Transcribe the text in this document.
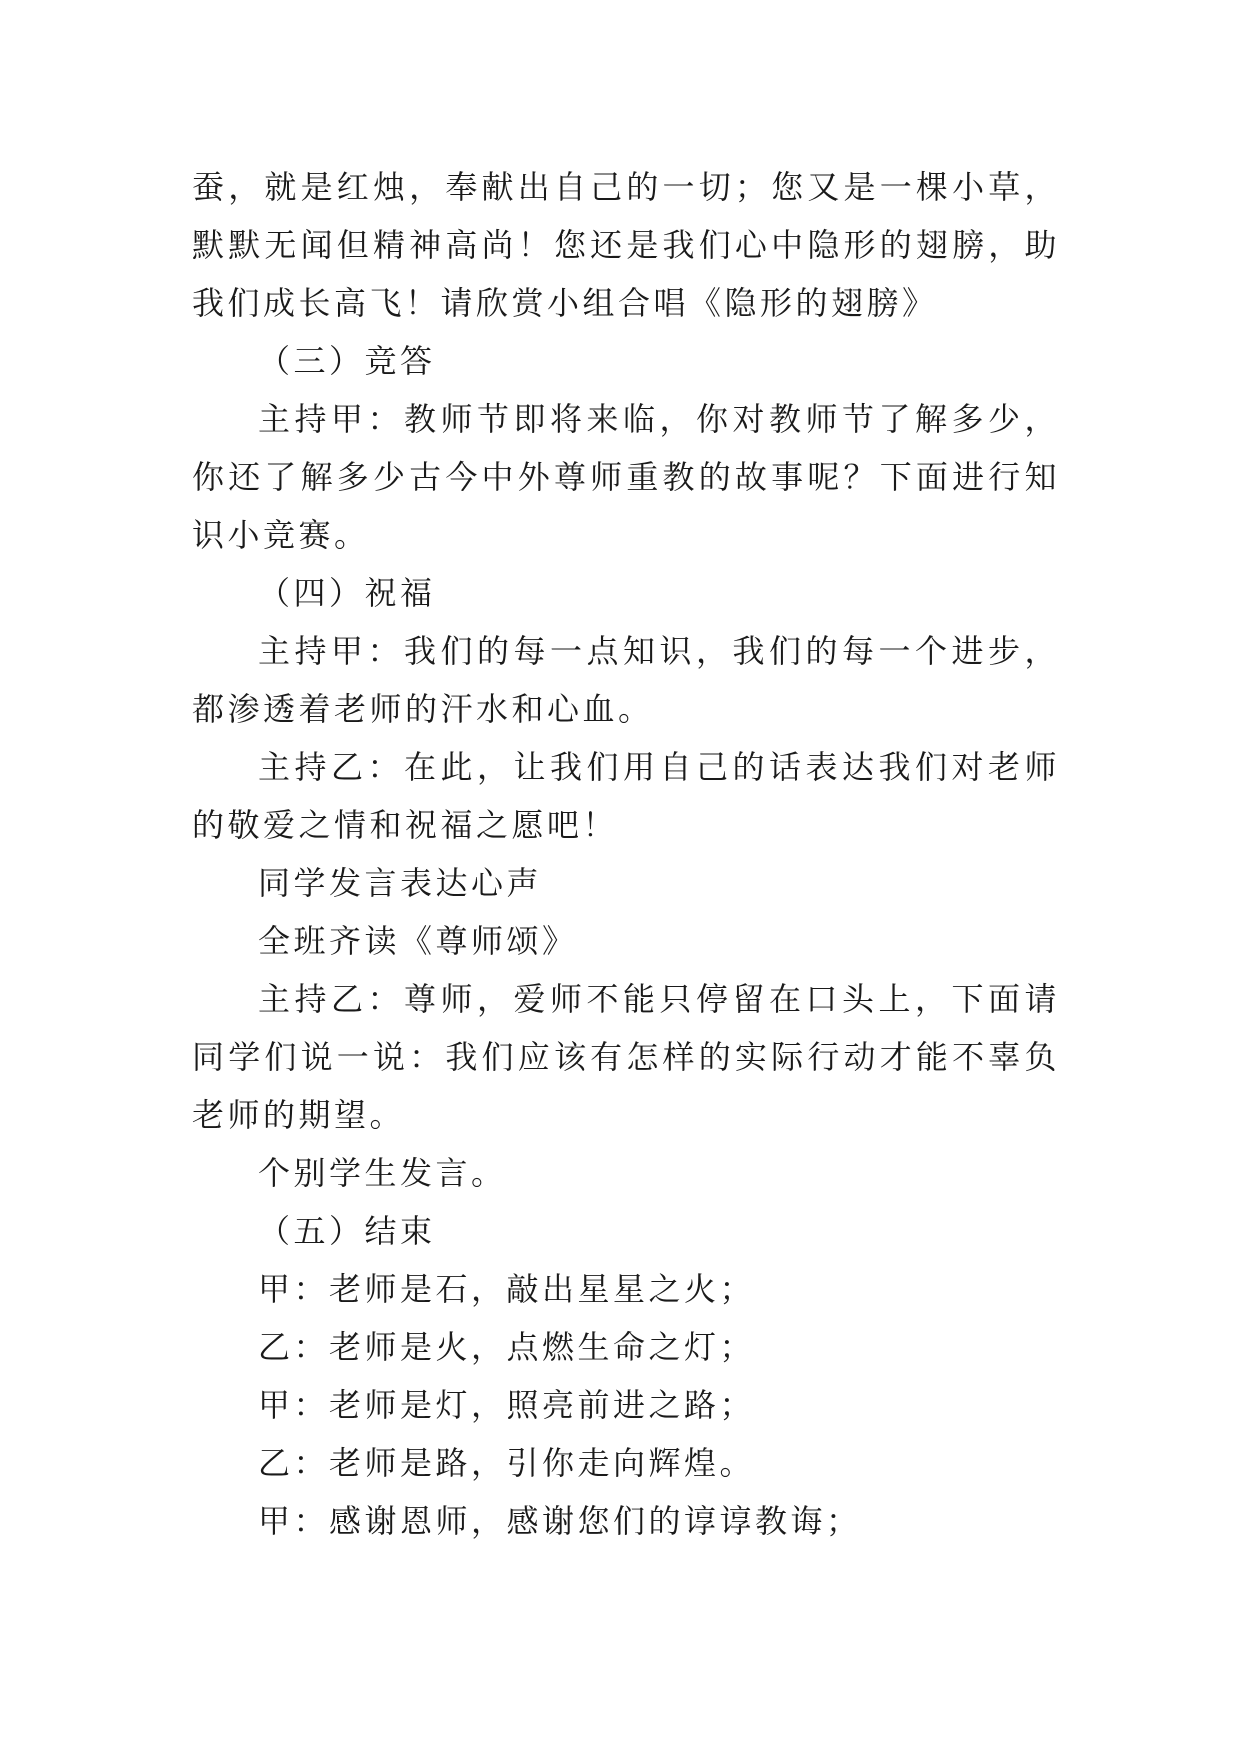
蚕，就是红烛，奉献出自己的一切；您又是一棵小草，默默无闻但精神高尚！您还是我们心中隐形的翅膀，助我们成长高飞！请欣赏小组合唱《隐形的翅膀》

（三）竞答

主持甲：教师节即将来临，你对教师节了解多少，你还了解多少古今中外尊师重教的故事呢？下面进行知识小竞赛。

（四）祝福

主持甲：我们的每一点知识，我们的每一个进步，都渗透着老师的汗水和心血。

主持乙：在此，让我们用自己的话表达我们对老师的敬爱之情和祝福之愿吧！

同学发言表达心声

全班齐读《尊师颂》

主持乙：尊师，爱师不能只停留在口头上，下面请同学们说一说：我们应该有怎样的实际行动才能不辜负老师的期望。

个别学生发言。

（五）结束

甲：老师是石，敲出星星之火；

乙：老师是火，点燃生命之灯；

甲：老师是灯，照亮前进之路；

乙：老师是路，引你走向辉煌。

甲：感谢恩师，感谢您们的谆谆教诲；
